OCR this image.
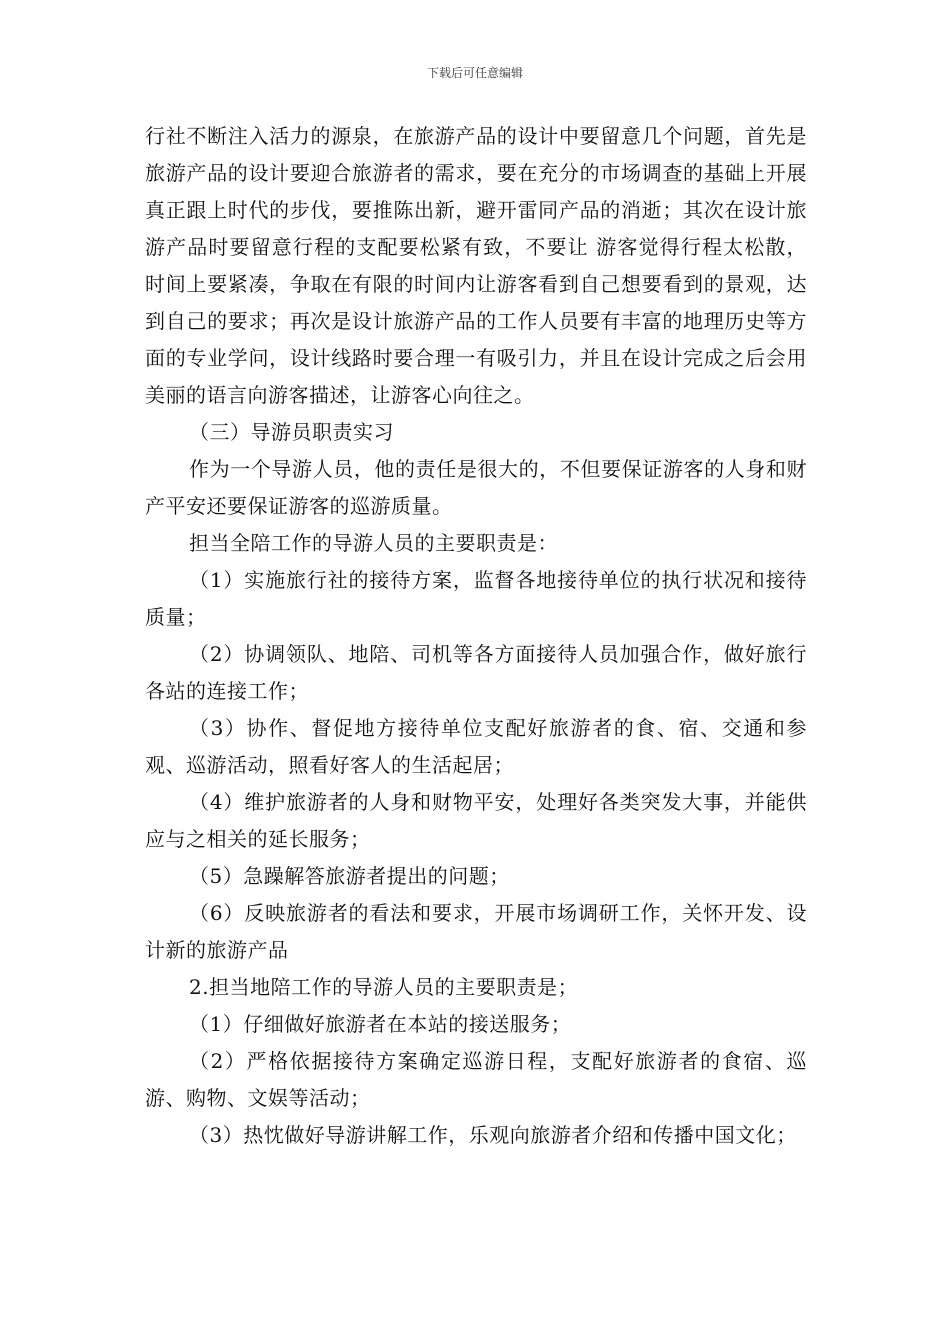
下载后可任意编辑

行社不断注入活力的源泉，在旅游产品的设计中要留意几个问题，首先是旅游产品的设计要迎合旅游者的需求，要在充分的市场调查的基础上开展真正跟上时代的步伐，要推陈出新，避开雷同产品的消逝；其次在设计旅游产品时要留意行程的支配要松紧有致，不要让 游客觉得行程太松散，时间上要紧凑，争取在有限的时间内让游客看到自己想要看到的景观，达到自己的要求；再次是设计旅游产品的工作人员要有丰富的地理历史等方面的专业学问，设计线路时要合理一有吸引力，并且在设计完成之后会用美丽的语言向游客描述，让游客心向往之。

（三）导游员职责实习

作为一个导游人员，他的责任是很大的，不但要保证游客的人身和财产平安还要保证游客的巡游质量。

担当全陪工作的导游人员的主要职责是：

（1）实施旅行社的接待方案，监督各地接待单位的执行状况和接待质量；

（2）协调领队、地陪、司机等各方面接待人员加强合作，做好旅行各站的连接工作；

（3）协作、督促地方接待单位支配好旅游者的食、宿、交通和参观、巡游活动，照看好客人的生活起居；

（4）维护旅游者的人身和财物平安，处理好各类突发大事，并能供应与之相关的延长服务；

（5）急躁解答旅游者提出的问题；

（6）反映旅游者的看法和要求，开展市场调研工作，关怀开发、设计新的旅游产品

2.担当地陪工作的导游人员的主要职责是；

（1）仔细做好旅游者在本站的接送服务；

（2）严格依据接待方案确定巡游日程，支配好旅游者的食宿、巡游、购物、文娱等活动；

（3）热忱做好导游讲解工作，乐观向旅游者介绍和传播中国文化；
